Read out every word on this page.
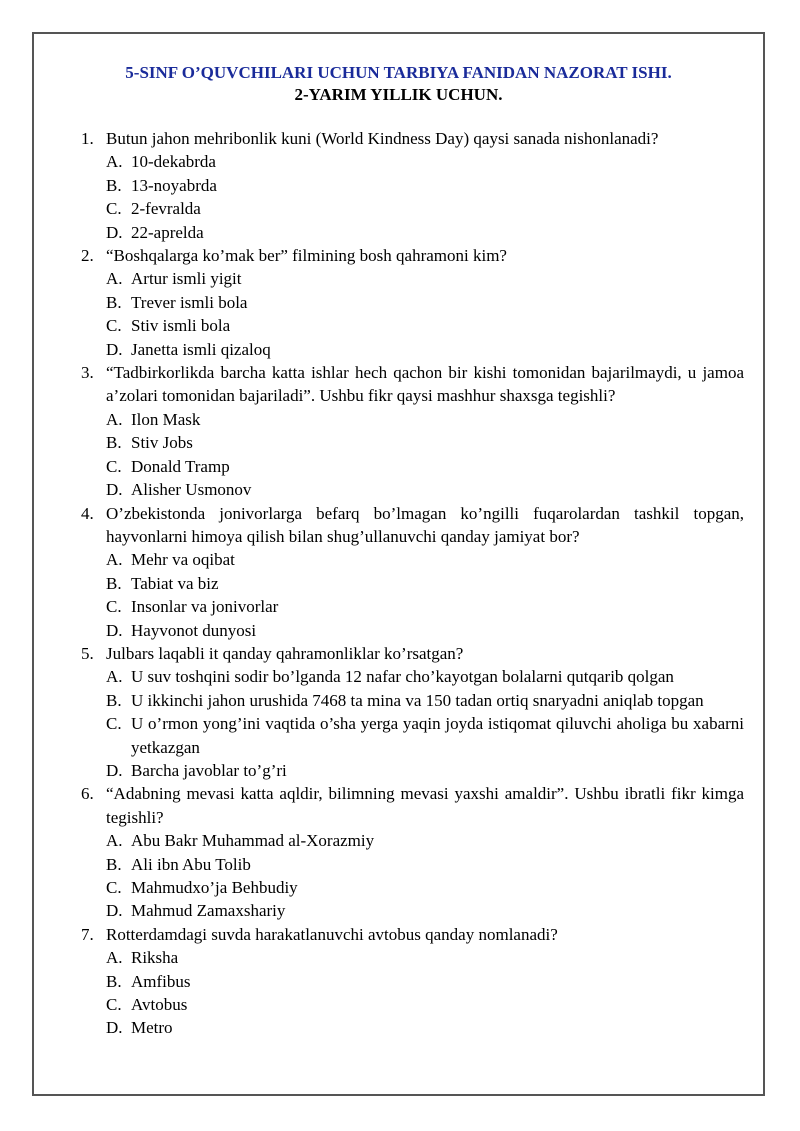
5-SINF O’QUVCHILARI UCHUN TARBIYA FANIDAN NAZORAT ISHI.
2-YARIM YILLIK UCHUN.
1. Butun jahon mehribonlik kuni (World Kindness Day) qaysi sanada nishonlanadi?
A. 10-dekabrda
B. 13-noyabrda
C. 2-fevralda
D. 22-aprelda
2. “Boshqalarga ko’mak ber” filmining bosh qahramoni kim?
A. Artur ismli yigit
B. Trever ismli bola
C. Stiv ismli bola
D. Janetta ismli qizaloq
3. “Tadbirkorlikda barcha katta ishlar hech qachon bir kishi tomonidan bajarilmaydi, u jamoa a’zolari tomonidan bajariladi”. Ushbu fikr qaysi mashhur shaxsga tegishli?
A. Ilon Mask
B. Stiv Jobs
C. Donald Tramp
D. Alisher Usmonov
4. O’zbekistonda jonivorlarga befarq bo’lmagan ko’ngilli fuqarolardan tashkil topgan, hayvonlarni himoya qilish bilan shug’ullanuvchi qanday jamiyat bor?
A. Mehr va oqibat
B. Tabiat va biz
C. Insonlar va jonivorlar
D. Hayvonot dunyosi
5. Julbars laqabli it qanday qahramonliklar ko’rsatgan?
A. U suv toshqini sodir bo’lganda 12 nafar cho’kayotgan bolalarni qutqarib qolgan
B. U ikkinchi jahon urushida 7468 ta mina va 150 tadan ortiq snaryadni aniqlab topgan
C. U o’rmon yong’ini vaqtida o’sha yerga yaqin joyda istiqomat qiluvchi aholiga bu xabarni yetkazgan
D. Barcha javoblar to’g’ri
6. “Adabning mevasi katta aqldir, bilimning mevasi yaxshi amaldir”. Ushbu ibratli fikr kimga tegishli?
A. Abu Bakr Muhammad al-Xorazmiy
B. Ali ibn Abu Tolib
C. Mahmudxo’ja Behbudiy
D. Mahmud Zamaxshariy
7. Rotterdamdagi suvda harakatlanuvchi avtobus qanday nomlanadi?
A. Riksha
B. Amfibus
C. Avtobus
D. Metro
